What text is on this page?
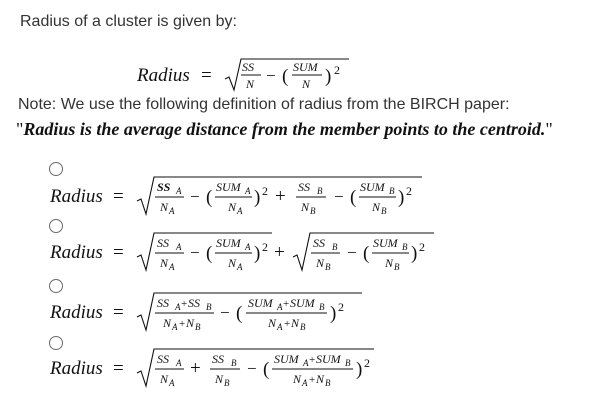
Radius of a cluster is given by:
Radius =	SS
N − ( SUM
N ) 2
Note: We use the following definition of radius from the BIRCH paper:
"Radius is the average distance from the member points to the centroid."
Radius =	SS A
N A
− ( SUM A
N A
) 2 + SS B
N B
− ( SUM B
N B
) 2
Radius =	SS A
N A
− ( SUM A
N A
) 2 + SS B
N B
− ( SUM B
N B
) 2
Radius =	SS A + SS B
N A + N B
− ( SUM A + SUM B
N A + N B
) 2
Radius =	SS A
N A
+ SS B
N B
− ( SUM A + SUM B
N A + N B
) 2
